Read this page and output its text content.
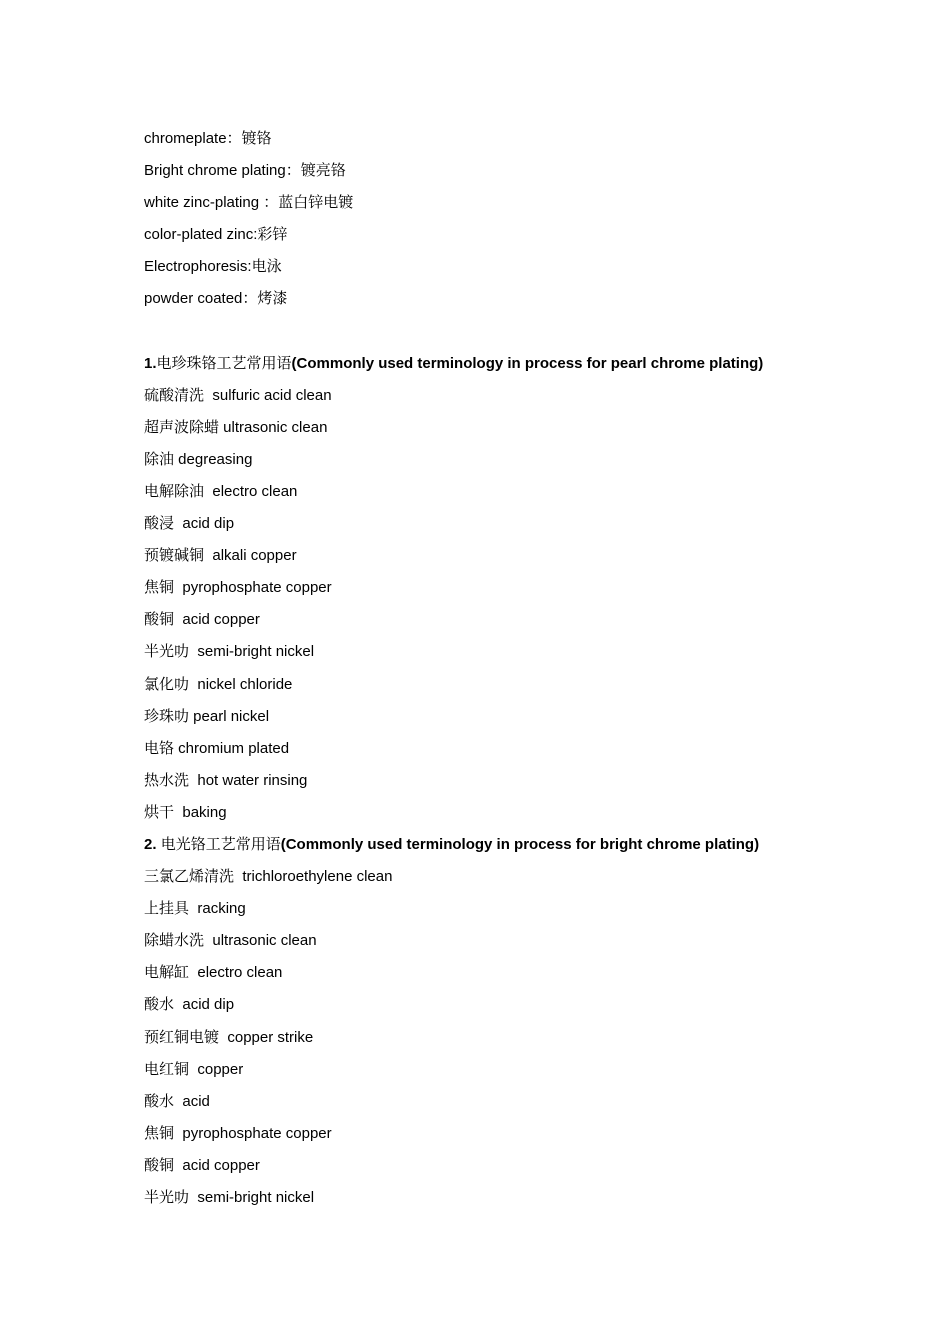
chromeplate：镀铬
Bright chrome plating：镀亮铬
white zinc-plating ：蓝白锌电镀
color-plated zinc:彩锌
Electrophoresis:电泳
powder coated：烤漆
1.电珍珠铬工艺常用语(Commonly used terminology in process for pearl chrome plating)
硫酸清洗  sulfuric acid clean
超声波除蜡 ultrasonic clean
除油 degreasing
电解除油  electro clean
酸浸  acid dip
预镀碱铜  alkali copper
焦铜  pyrophosphate copper
酸铜  acid copper
半光叻  semi-bright nickel
氯化叻  nickel chloride
珍珠叻 pearl nickel
电铬 chromium plated
热水洗  hot water rinsing
烘干  baking
2. 电光铬工艺常用语(Commonly used terminology in process for bright chrome plating)
三氯乙烯清洗  trichloroethylene clean
上挂具  racking
除蜡水洗  ultrasonic clean
电解缸  electro clean
酸水  acid dip
预红铜电镀  copper strike
电红铜  copper
酸水  acid
焦铜  pyrophosphate copper
酸铜  acid copper
半光叻  semi-bright nickel
